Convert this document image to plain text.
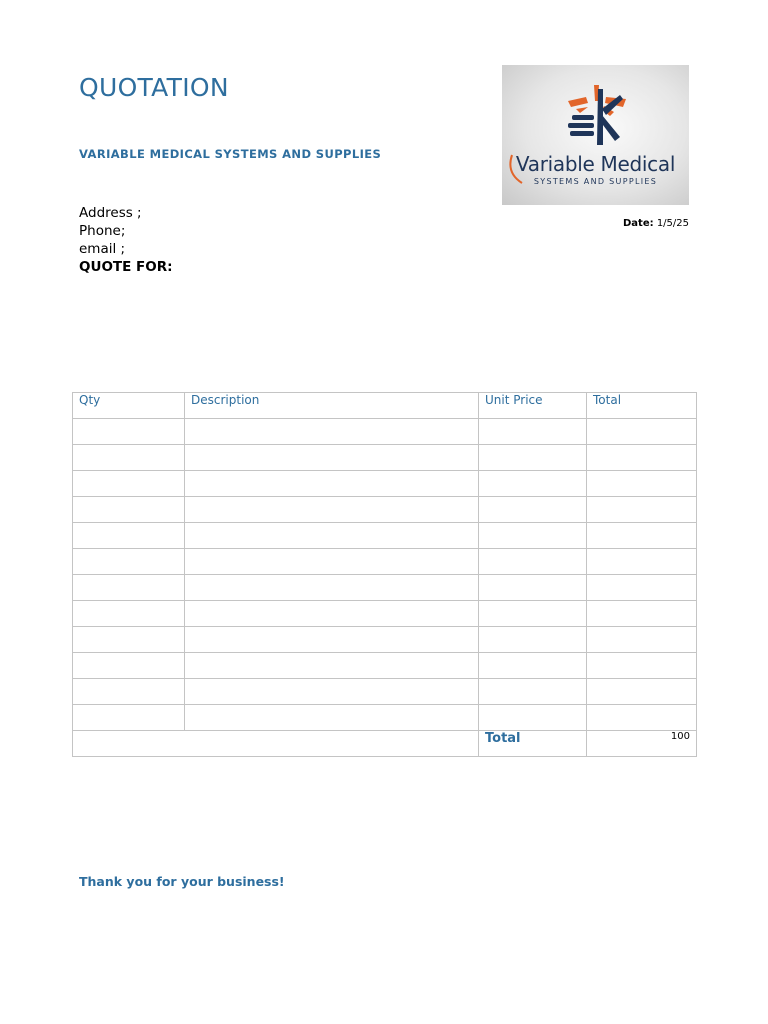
QUOTATION
VARIABLE MEDICAL SYSTEMS AND SUPPLIES
Address ;
Phone;
email ;
QUOTE FOR:
Variable Medical
SYSTEMS AND SUPPLIES
Date: 1/5/25
Qty	Description	Unit Price	Total

		Total	100
Thank you for your business!
